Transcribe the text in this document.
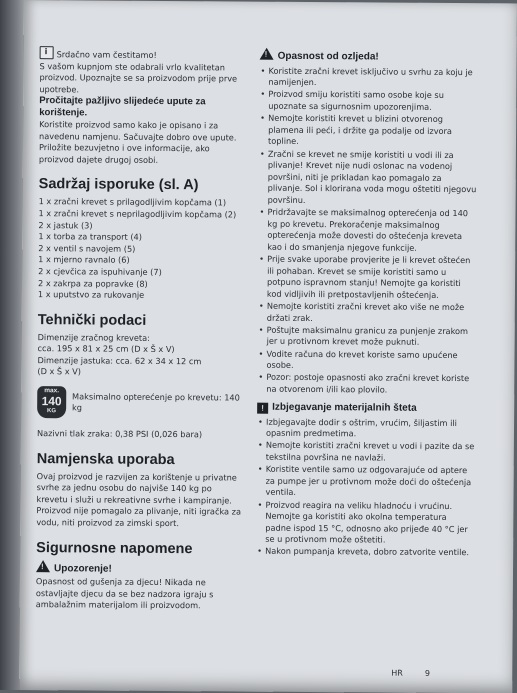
iSrdačno vam čestitamo!

S vašom kupnjom ste odabrali vrlo kvalitetan proizvod. Upoznajte se sa proizvodom prije prve upotrebe.

Pročitajte pažljivo slijedeće upute za korištenje.

Koristite proizvod samo kako je opisano i za navedenu namjenu. Sačuvajte dobro ove upute. Priložite bezuvjetno i ove informacije, ako proizvod dajete drugoj osobi.

Sadržaj isporuke (sl. A)

1 x zračni krevet s prilagodljivim kopčama (1)
1 x zračni krevet s neprilagodljivim kopčama (2)
2 x jastuk (3)
1 x torba za transport (4)
2 x ventil s navojem (5)
1 x mjerno ravnalo (6)
2 x cjevčica za ispuhivanje (7)
2 x zakrpa za popravke (8)
1 x uputstvo za rukovanje

Tehnički podaci

Dimenzije zračnog kreveta:

cca. 195 x 81 x 25 cm (D x Š x V)

Dimenzije jastuka: cca. 62 x 34 x 12 cm

(D x Š x V)

max.
140
KG
Maksimalno opterećenje po krevetu: 140 kg

Nazivni tlak zraka: 0,38 PSI (0,026 bara)

Namjenska uporaba

Ovaj proizvod je razvijen za korištenje u privatne svrhe za jednu osobu do najviše 140 kg po krevetu i služi u rekreativne svrhe i kampiranje.

Proizvod nije pomagalo za plivanje, niti igračka za vodu, niti proizvod za zimski sport.

Sigurnosne napomene

!Upozorenje!

Opasnost od gušenja za djecu! Nikada ne ostavljajte djecu da se bez nadzora igraju s ambalažnim materijalom ili proizvodom.

!Opasnost od ozljeda!

• Koristite zračni krevet isključivo u svrhu za koju je namijenjen.
• Proizvod smiju koristiti samo osobe koje su upoznate sa sigurnosnim upozorenjima.
• Nemojte koristiti krevet u blizini otvorenog plamena ili peći, i držite ga podalje od izvora topline.
• Zračni se krevet ne smije koristiti u vodi ili za plivanje! Krevet nije nudi oslonac na vodenoj površini, niti je prikladan kao pomagalo za plivanje. Sol i klorirana voda mogu oštetiti njegovu površinu.
• Pridržavajte se maksimalnog opterećenja od 140 kg po krevetu. Prekoračenje maksimalnog opterećenja može dovesti do oštećenja kreveta kao i do smanjenja njegove funkcije.
• Prije svake uporabe provjerite je li krevet oštećen ili pohaban. Krevet se smije koristiti samo u potpuno ispravnom stanju! Nemojte ga koristiti kod vidljivih ili pretpostavljenih oštećenja.
• Nemojte koristiti zračni krevet ako više ne može držati zrak.
• Poštujte maksimalnu granicu za punjenje zrakom jer u protivnom krevet može puknuti.
• Vodite računa do krevet koriste samo upućene osobe.
• Pozor: postoje opasnosti ako zračni krevet koriste na otvorenom i/ili kao plovilo.

! Izbjegavanje materijalnih šteta

• Izbjegavajte dodir s oštrim, vrućim, šiljastim ili opasnim predmetima.
• Nemojte koristiti zračni krevet u vodi i pazite da se tekstilna površina ne navlaži.
• Koristite ventile samo uz odgovarajuće od aptere za pumpe jer u protivnom može doći do oštećenja ventila.
• Proizvod reagira na veliku hladnoću i vrućinu. Nemojte ga koristiti ako okolna temperatura padne ispod 15 °C, odnosno ako prijeđe 40 °C jer se u protivnom može oštetiti.
• Nakon pumpanja kreveta, dobro zatvorite ventile.
HR	9
